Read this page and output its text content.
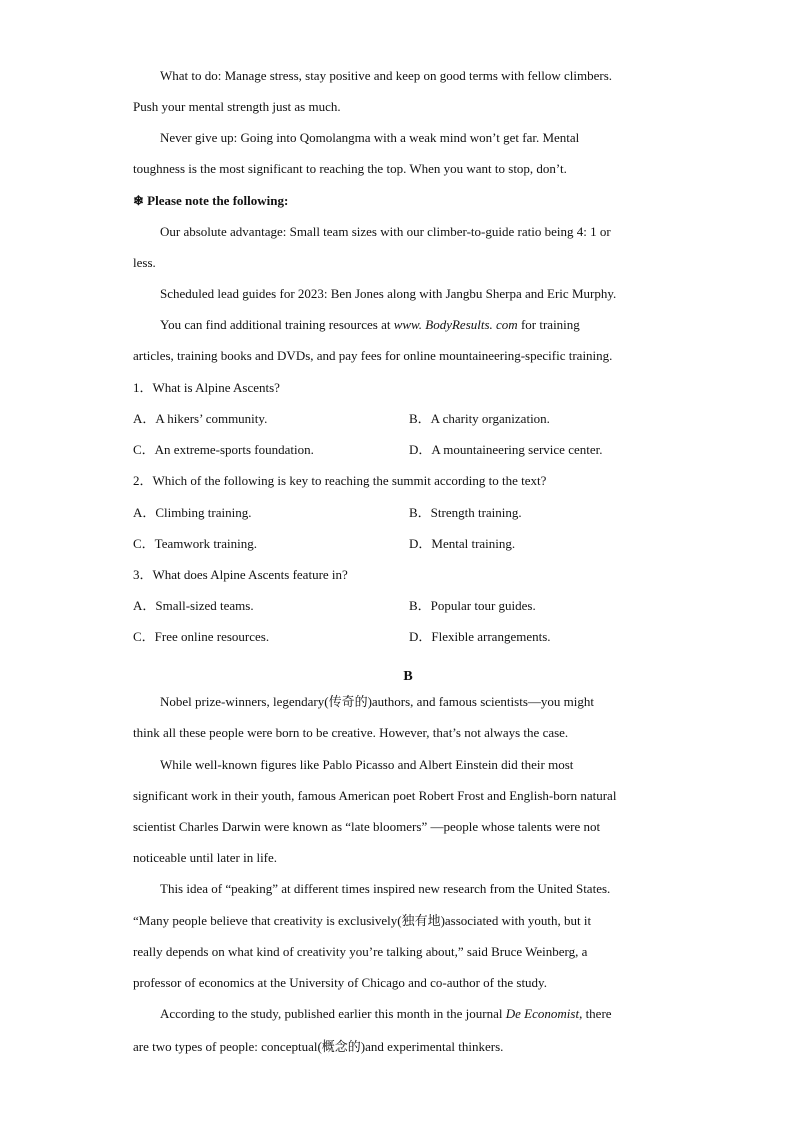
What to do: Manage stress, stay positive and keep on good terms with fellow climbers.
Push your mental strength just as much.
Never give up: Going into Qomolangma with a weak mind won’t get far. Mental
toughness is the most significant to reaching the top. When you want to stop, don’t.
❄ Please note the following:
Our absolute advantage: Small team sizes with our climber-to-guide ratio being 4: 1 or
less.
Scheduled lead guides for 2023: Ben Jones along with Jangbu Sherpa and Eric Murphy.
You can find additional training resources at www. BodyResults. com for training
articles, training books and DVDs, and pay fees for online mountaineering-specific training.
1．What is Alpine Ascents?
A．A hikers’ community.	B．A charity organization.
C．An extreme-sports foundation.	D．A mountaineering service center.
2．Which of the following is key to reaching the summit according to the text?
A．Climbing training.	B．Strength training.
C．Teamwork training.	D．Mental training.
3．What does Alpine Ascents feature in?
A．Small-sized teams.	B．Popular tour guides.
C．Free online resources.	D．Flexible arrangements.
B
Nobel prize-winners, legendary(传奇的)authors, and famous scientists—you might
think all these people were born to be creative. However, that’s not always the case.
While well-known figures like Pablo Picasso and Albert Einstein did their most
significant work in their youth, famous American poet Robert Frost and English-born natural
scientist Charles Darwin were known as “late bloomers” —people whose talents were not
noticeable until later in life.
This idea of “peaking” at different times inspired new research from the United States.
“Many people believe that creativity is exclusively(独有地)associated with youth, but it
really depends on what kind of creativity you’re talking about,” said Bruce Weinberg, a
professor of economics at the University of Chicago and co-author of the study.
According to the study, published earlier this month in the journal De Economist, there
are two types of people: conceptual(概念的)and experimental thinkers.
